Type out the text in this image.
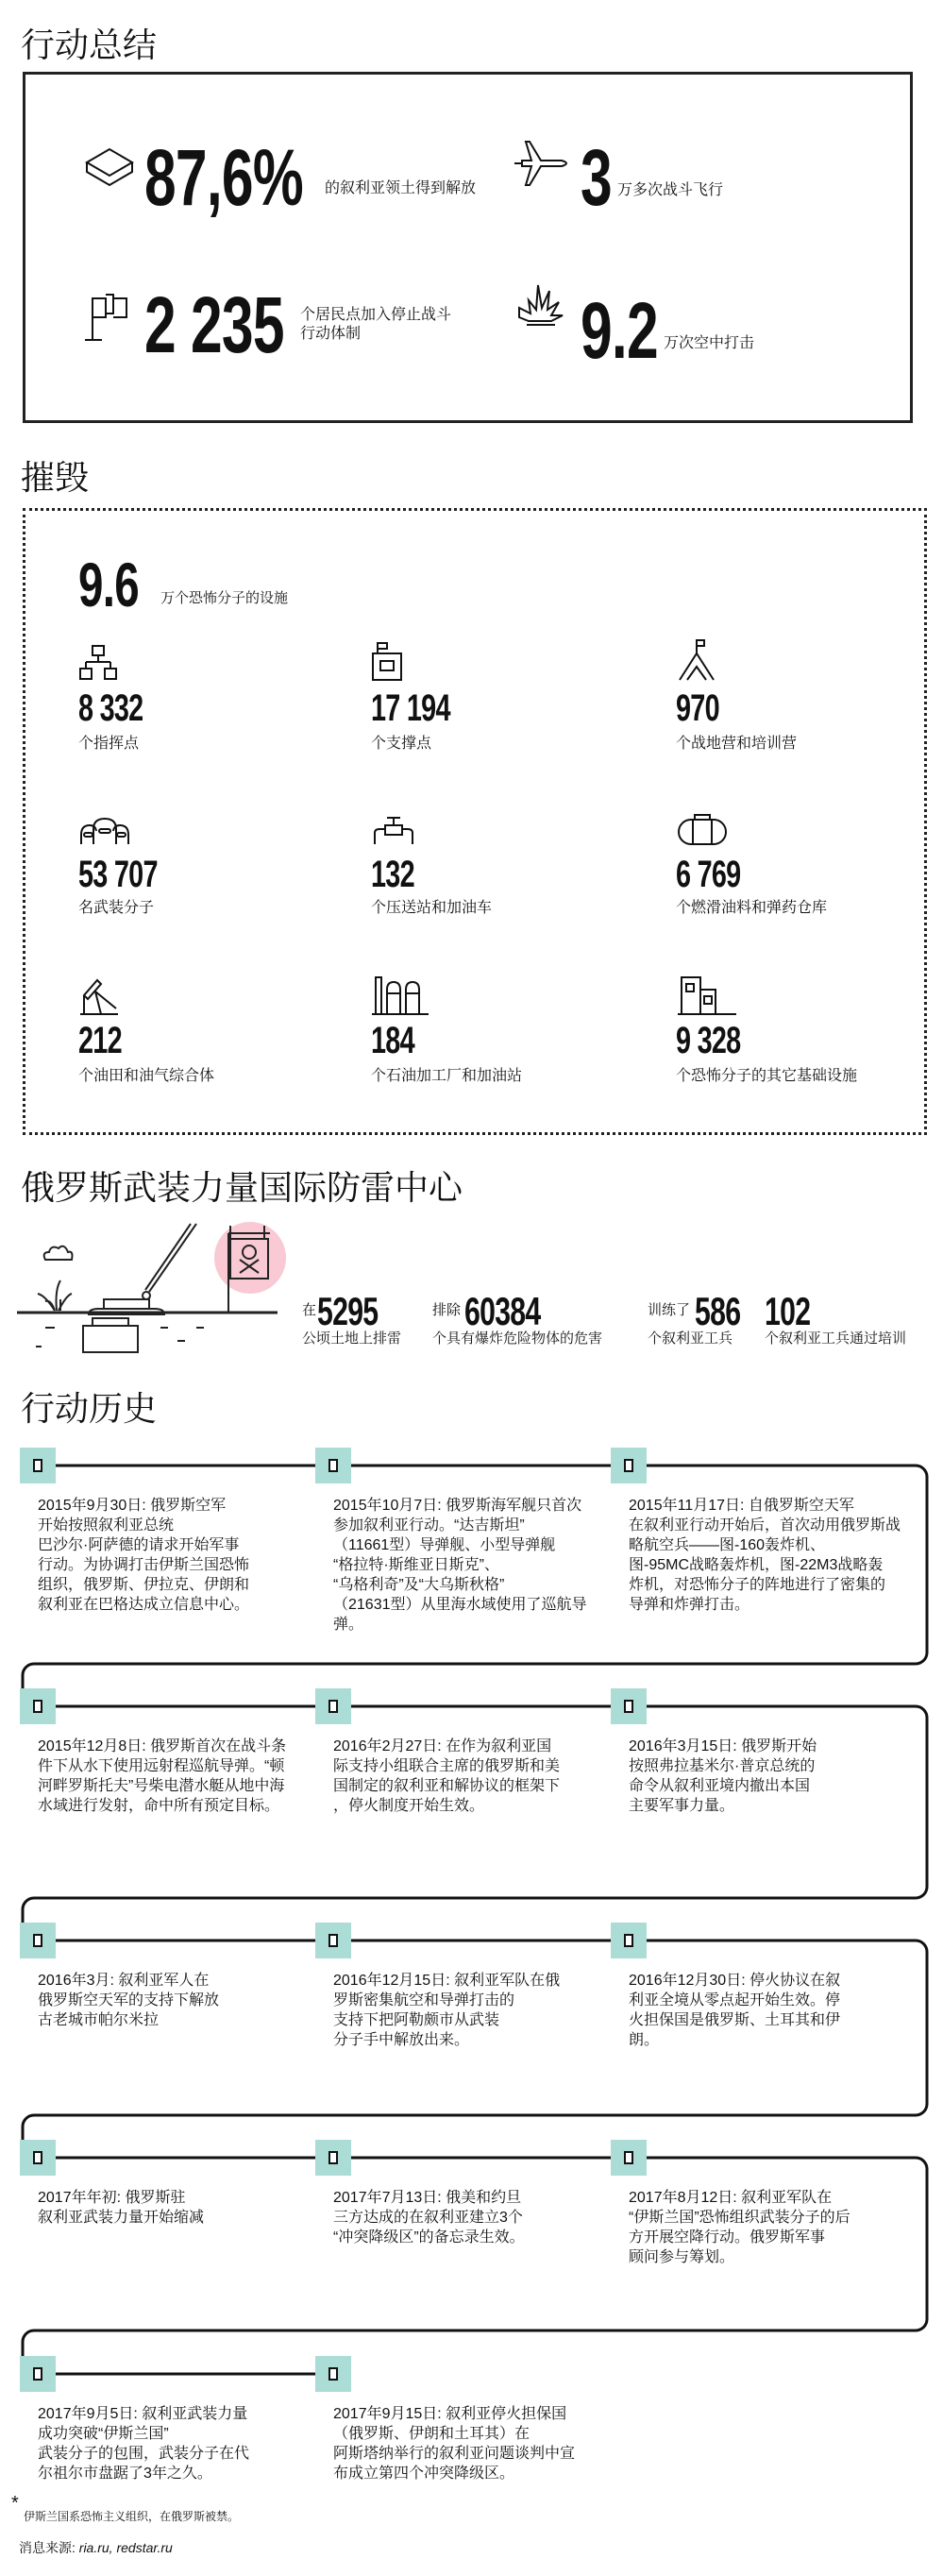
行动总结
87,6% 的叙利亚领土得到解放 3 万多次战斗飞行
2 235 个居民点加入停止战斗
行动体制	9.2 万次空中打击
摧毁
9.6 万个恐怖分子的设施
8 332
个指挥点
17 194
个支撑点
970
个战地营和培训营
53 707
名武装分子
132
个压送站和加油车
6 769
个燃滑油料和弹药仓库
212
个油田和油气综合体
184
个石油加工厂和加油站
9 328
个恐怖分子的其它基础设施
俄罗斯武装力量国际防雷中心
在 5295
公顷土地上排雷
排除 60384
个具有爆炸危险物体的危害
训练了 586
个叙利亚工兵
102
个叙利亚工兵通过培训
行动历史
2015年9月30日: 俄罗斯空军
开始按照叙利亚总统
巴沙尔·阿萨德的请求开始军事
行动。为协调打击伊斯兰国恐怖
组织，俄罗斯、伊拉克、伊朗和
叙利亚在巴格达成立信息中心。
2015年10月7日: 俄罗斯海军舰只首次
参加叙利亚行动。“达吉斯坦”
（11661型）导弹舰、小型导弹舰
“格拉特·斯维亚日斯克”、
“乌格利奇”及“大乌斯秋格”
（21631型）从里海水域使用了巡航导
弹。
2015年11月17日: 自俄罗斯空天军
在叙利亚行动开始后，首次动用俄罗斯战
略航空兵——图-160轰炸机、
图-95MC战略轰炸机，图-22M3战略轰
炸机，对恐怖分子的阵地进行了密集的
导弹和炸弹打击。
2015年12月8日: 俄罗斯首次在战斗条
件下从水下使用远射程巡航导弹。“顿
河畔罗斯托夫”号柴电潜水艇从地中海
水域进行发射，命中所有预定目标。
2016年2月27日: 在作为叙利亚国
际支持小组联合主席的俄罗斯和美
国制定的叙利亚和解协议的框架下
，停火制度开始生效。
2016年3月15日: 俄罗斯开始
按照弗拉基米尔·普京总统的
命令从叙利亚境内撤出本国
主要军事力量。
2016年3月: 叙利亚军人在
俄罗斯空天军的支持下解放
古老城市帕尔米拉
2016年12月15日: 叙利亚军队在俄
罗斯密集航空和导弹打击的
支持下把阿勒颇市从武装
分子手中解放出来。
2016年12月30日: 停火协议在叙
利亚全境从零点起开始生效。停
火担保国是俄罗斯、土耳其和伊
朗。
2017年年初: 俄罗斯驻
叙利亚武装力量开始缩减
2017年7月13日: 俄美和约旦
三方达成的在叙利亚建立3个
“冲突降级区”的备忘录生效。
2017年8月12日: 叙利亚军队在
“伊斯兰国”恐怖组织武装分子的后
方开展空降行动。俄罗斯军事
顾问参与筹划。
2017年9月5日: 叙利亚武装力量
成功突破“伊斯兰国”
武装分子的包围，武装分子在代
尔祖尔市盘踞了3年之久。
2017年9月15日: 叙利亚停火担保国
（俄罗斯、伊朗和土耳其）在
阿斯塔纳举行的叙利亚问题谈判中宣
布成立第四个冲突降级区。
*
伊斯兰国系恐怖主义组织，在俄罗斯被禁。
消息来源: ria.ru, redstar.ru
